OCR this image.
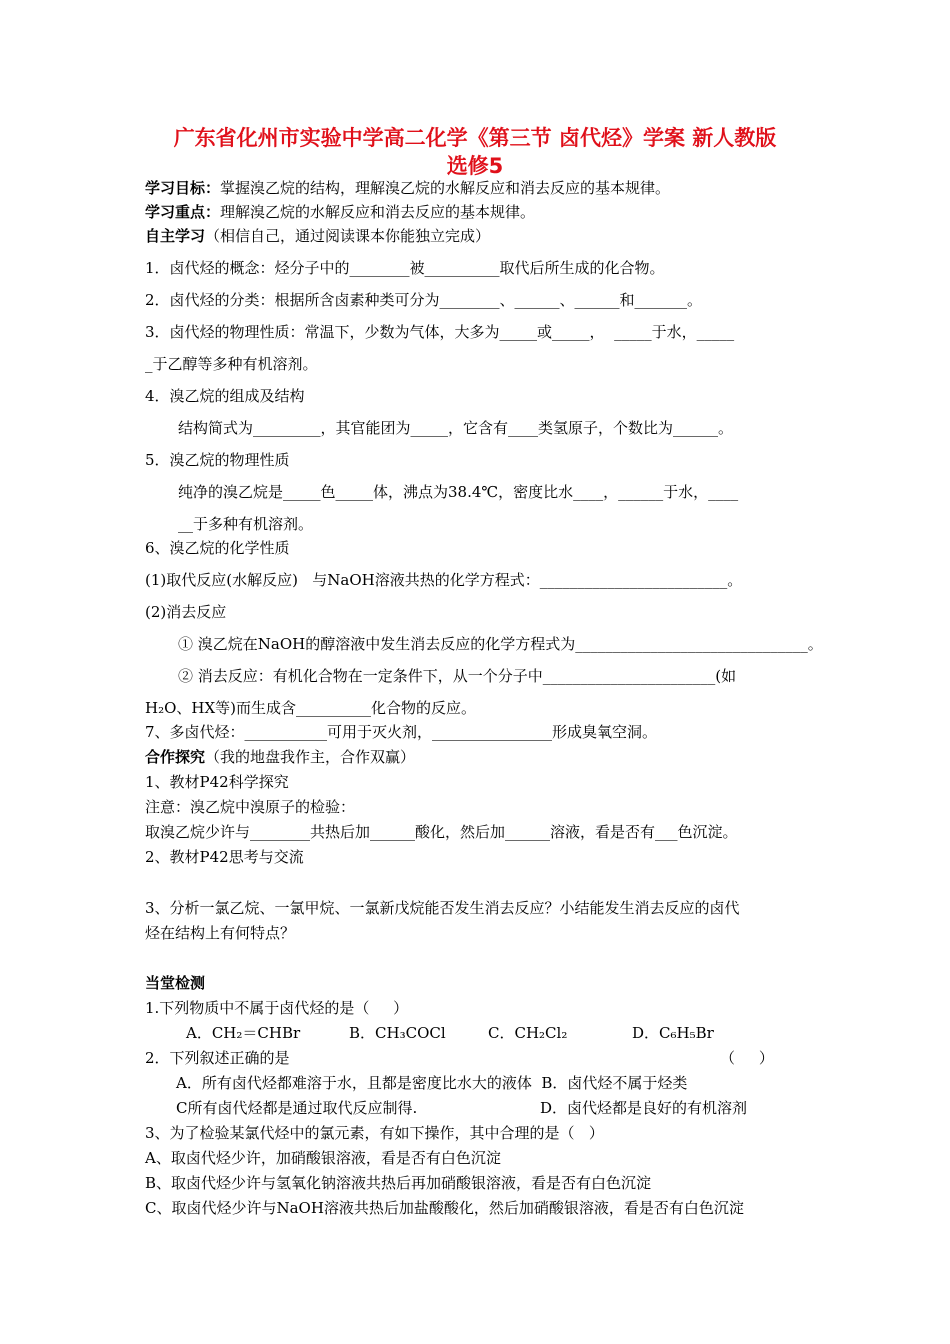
广东省化州市实验中学高二化学《第三节 卤代烃》学案 新人教版
选修5
学习目标：掌握溴乙烷的结构，理解溴乙烷的水解反应和消去反应的基本规律。
学习重点：理解溴乙烷的水解反应和消去反应的基本规律。
自主学习（相信自己，通过阅读课本你能独立完成）
1．卤代烃的概念：烃分子中的________被__________取代后所生成的化合物。
2．卤代烃的分类：根据所含卤素种类可分为________、______、______和_______。
3．卤代烃的物理性质：常温下，少数为气体，大多为_____或_____，  _____于水，_____
_于乙醇等多种有机溶剂。
4．溴乙烷的组成及结构
结构简式为_________，其官能团为_____，它含有____类氢原子，个数比为______。
5．溴乙烷的物理性质
纯净的溴乙烷是_____色_____体，沸点为38.4℃，密度比水____，______于水，____
__于多种有机溶剂。
6、溴乙烷的化学性质
(1)取代反应(水解反应)   与NaOH溶液共热的化学方程式：_________________________。
(2)消去反应
① 溴乙烷在NaOH的醇溶液中发生消去反应的化学方程式为_______________________________。
② 消去反应：有机化合物在一定条件下，从一个分子中_______________________(如
H₂O、HX等)而生成含__________化合物的反应。
7、多卤代烃：___________可用于灭火剂，________________形成臭氧空洞。
合作探究（我的地盘我作主，合作双赢）
1、教材P42科学探究
注意：溴乙烷中溴原子的检验：
取溴乙烷少许与________共热后加______酸化，然后加______溶液，看是否有___色沉淀。
2、教材P42思考与交流
3、分析一氯乙烷、一氯甲烷、一氯新戊烷能否发生消去反应？小结能发生消去反应的卤代
烃在结构上有何特点？
当堂检测
1.下列物质中不属于卤代烃的是（     ）
A．CH₂＝CHBr	B．CH₃COCl	C．CH₂Cl₂	D．C₆H₅Br
2．下列叙述正确的是	（     ）
A．所有卤代烃都难溶于水，且都是密度比水大的液体  B．卤代烃不属于烃类
C所有卤代烃都是通过取代反应制得.	D．卤代烃都是良好的有机溶剂
3、为了检验某氯代烃中的氯元素，有如下操作，其中合理的是（   ）
A、取卤代烃少许，加硝酸银溶液，看是否有白色沉淀
B、取卤代烃少许与氢氧化钠溶液共热后再加硝酸银溶液，看是否有白色沉淀
C、取卤代烃少许与NaOH溶液共热后加盐酸酸化，然后加硝酸银溶液，看是否有白色沉淀
